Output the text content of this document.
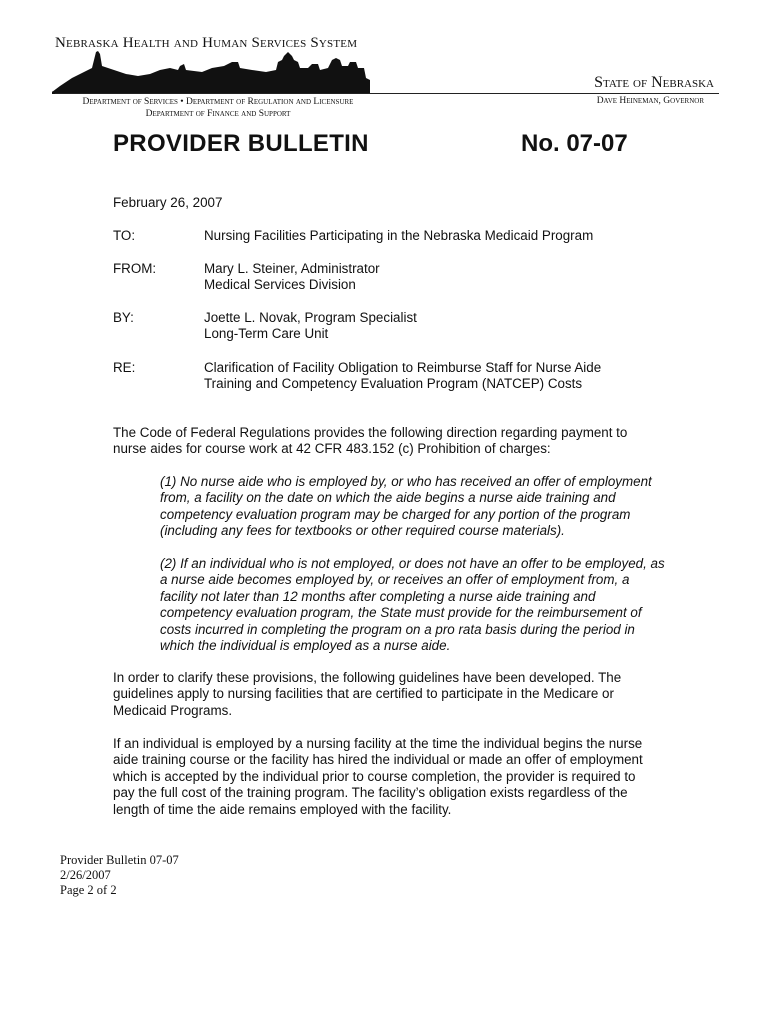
Nebraska Health and Human Services System
State of Nebraska
Dave Heineman, Governor
Department of Services • Department of Regulation and Licensure
Department of Finance and Support
PROVIDER BULLETIN	No. 07-07
February 26, 2007
TO:	Nursing Facilities Participating in the Nebraska Medicaid Program
FROM:	Mary L. Steiner, Administrator
Medical Services Division
BY:	Joette L. Novak, Program Specialist
Long-Term Care Unit
RE:	Clarification of Facility Obligation to Reimburse Staff for Nurse Aide
Training and Competency Evaluation Program (NATCEP) Costs
The Code of Federal Regulations provides the following direction regarding payment to nurse aides for course work at 42 CFR 483.152 (c) Prohibition of charges:
(1) No nurse aide who is employed by, or who has received an offer of employment from, a facility on the date on which the aide begins a nurse aide training and competency evaluation program may be charged for any portion of the program (including any fees for textbooks or other required course materials).
(2) If an individual who is not employed, or does not have an offer to be employed, as a nurse aide becomes employed by, or receives an offer of employment from, a facility not later than 12 months after completing a nurse aide training and competency evaluation program, the State must provide for the reimbursement of costs incurred in completing the program on a pro rata basis during the period in which the individual is employed as a nurse aide.
In order to clarify these provisions, the following guidelines have been developed. The guidelines apply to nursing facilities that are certified to participate in the Medicare or Medicaid Programs.
If an individual is employed by a nursing facility at the time the individual begins the nurse aide training course or the facility has hired the individual or made an offer of employment which is accepted by the individual prior to course completion, the provider is required to pay the full cost of the training program. The facility’s obligation exists regardless of the length of time the aide remains employed with the facility.
Provider Bulletin 07-07
2/26/2007
Page 2 of 2
